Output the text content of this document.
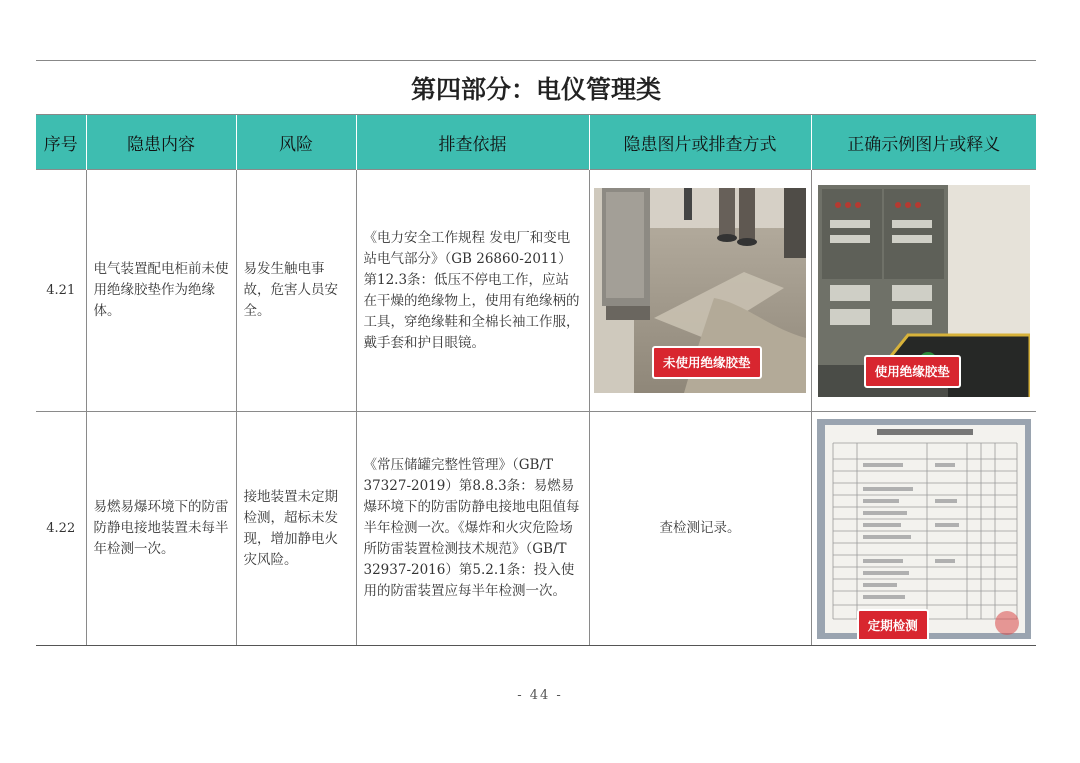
第四部分：电仪管理类
序号	隐患内容	风险	排查依据	隐患图片或排查方式	正确示例图片或释义
4.21	电气装置配电柜前未使用绝缘胶垫作为绝缘体。	易发生触电事故，危害人员安全。	《电力安全工作规程 发电厂和变电站电气部分》（GB 26860-2011）第12.3条：低压不停电工作，应站在干燥的绝缘物上，使用有绝缘柄的工具，穿绝缘鞋和全棉长袖工作服，戴手套和护目眼镜。	未使用绝缘胶垫	使用绝缘胶垫

4.22	易燃易爆环境下的防雷防静电接地装置未每半年检测一次。	接地装置未定期检测，超标未发现，增加静电火灾风险。	《常压储罐完整性管理》（GB/T 37327-2019）第8.8.3条：易燃易爆环境下的防雷防静电接地电阻值每半年检测一次。《爆炸和火灾危险场所防雷装置检测技术规范》（GB/T 32937-2016）第5.2.1条：投入使用的防雷装置应每半年检测一次。	查检测记录。	定期检测
- 44 -
